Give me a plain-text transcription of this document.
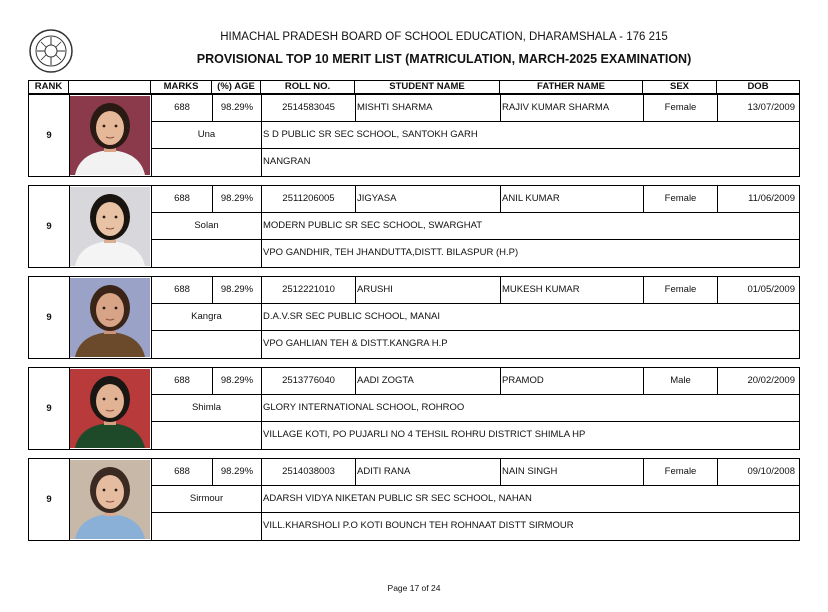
HIMACHAL PRADESH BOARD OF SCHOOL EDUCATION, DHARAMSHALA - 176 215
PROVISIONAL TOP 10 MERIT LIST (MATRICULATION, MARCH-2025 EXAMINATION)
RANK	MARKS	(%) AGE	ROLL NO.	STUDENT NAME	FATHER NAME	SEX	DOB
9
688	98.29%	2514583045	MISHTI SHARMA	RAJIV KUMAR SHARMA	Female	13/07/2009
Una	S D PUBLIC SR SEC SCHOOL, SANTOKH GARH
NANGRAN
9
688	98.29%	2511206005	JIGYASA	ANIL KUMAR	Female	11/06/2009
Solan	MODERN PUBLIC SR SEC SCHOOL, SWARGHAT
VPO GANDHIR, TEH JHANDUTTA,DISTT. BILASPUR (H.P)
9
688	98.29%	2512221010	ARUSHI	MUKESH KUMAR	Female	01/05/2009
Kangra	D.A.V.SR SEC PUBLIC SCHOOL, MANAI
VPO GAHLIAN TEH & DISTT.KANGRA H.P
9
688	98.29%	2513776040	AADI ZOGTA	PRAMOD	Male	20/02/2009
Shimla	GLORY INTERNATIONAL SCHOOL, ROHROO
VILLAGE KOTI, PO PUJARLI NO 4 TEHSIL ROHRU DISTRICT SHIMLA HP
9
688	98.29%	2514038003	ADITI RANA	NAIN SINGH	Female	09/10/2008
Sirmour	ADARSH VIDYA NIKETAN PUBLIC SR SEC SCHOOL, NAHAN
VILL.KHARSHOLI P.O KOTI BOUNCH TEH ROHNAAT DISTT SIRMOUR
Page 17 of 24
